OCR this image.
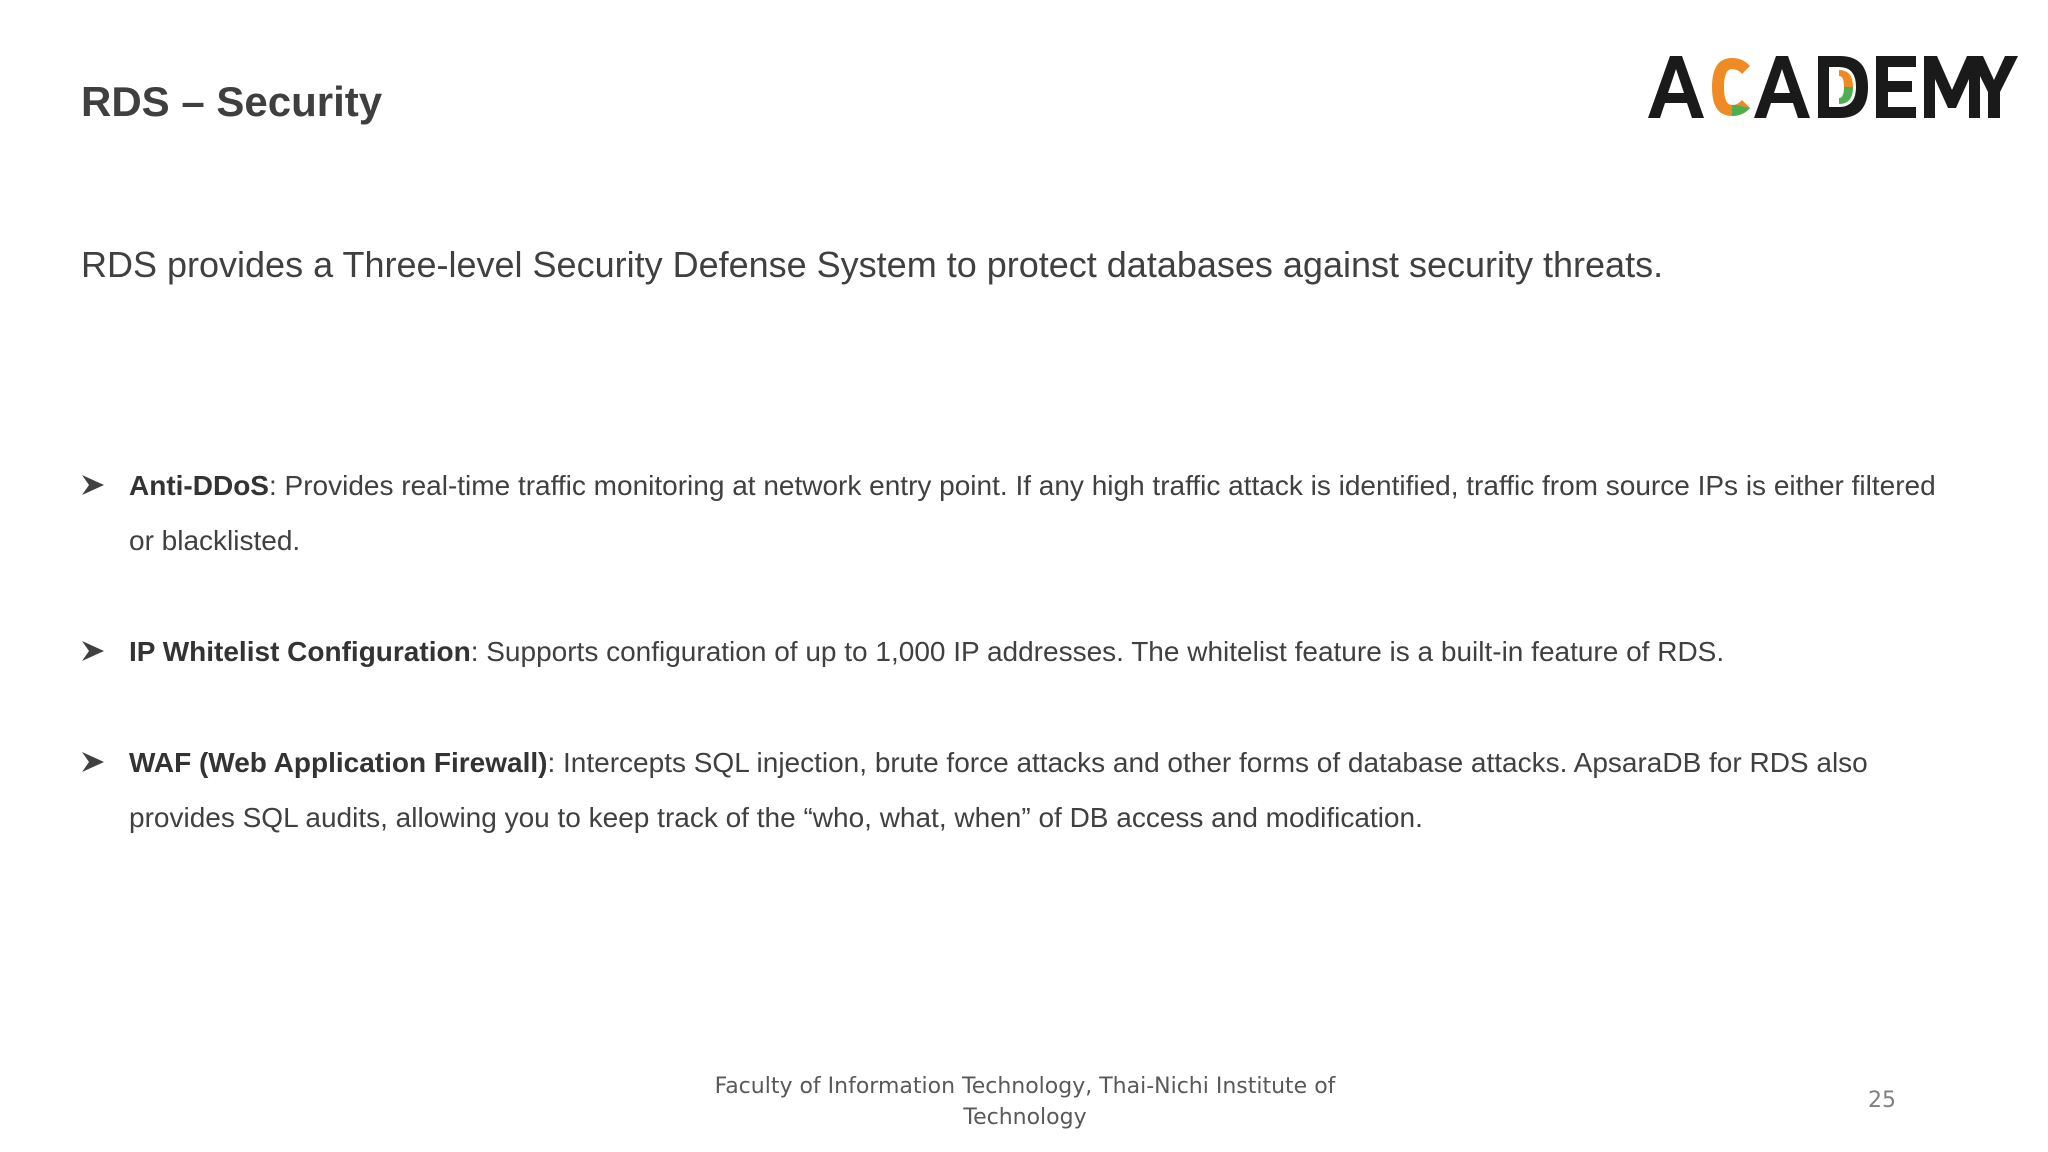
RDS – Security

RDS provides a Three-level Security Defense System to protect databases against security threats.

Anti-DDoS: Provides real-time traffic monitoring at network entry point. If any high traffic attack is identified, traffic from source IPs is either filtered or blacklisted.
IP Whitelist Configuration: Supports configuration of up to 1,000 IP addresses. The whitelist feature is a built-in feature of RDS.
WAF (Web Application Firewall): Intercepts SQL injection, brute force attacks and other forms of database attacks. ApsaraDB for RDS also provides SQL audits, allowing you to keep track of the “who, what, when” of DB access and modification.
Faculty of Information Technology, Thai-Nichi Institute of Technology
25
